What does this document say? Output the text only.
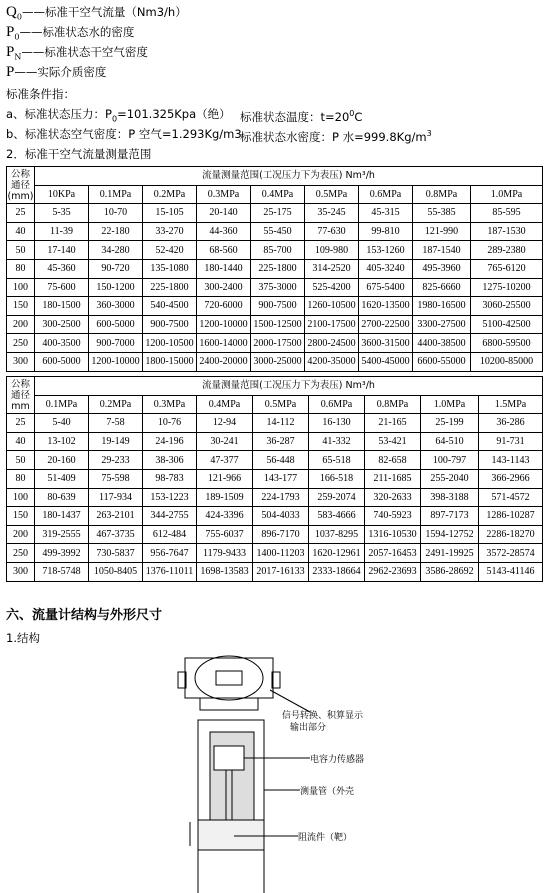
$Q_0——$标准干空气流量（Nm3/h）
$P_0——$标准状态水的密度
$P_N——$标准状态干空气密度
P——实际介质密度
标准条件指：
a、标准状态压力：$P_0=101.325Kpa$（绝） 标准状态温度：$t=20^0C$
b、标准状态空气密度：P 空气=1.293Kg/m3
标准状态水密度：P 水$=999.8Kg/m^3$
2．标准干空气流量测量范围
公称
通径
(mm)	流量测量范围(工况压力下为表压) Nm³/h								
	10KPa	0.1MPa	0.2MPa	0.3MPa	0.4MPa	0.5MPa	0.6MPa	0.8MPa	1.0MPa
25	5-35	10-70	15-105	20-140	25-175	35-245	45-315	55-385	85-595
40	11-39	22-180	33-270	44-360	55-450	77-630	99-810	121-990	187-1530
50	17-140	34-280	52-420	68-560	85-700	109-980	153-1260	187-1540	289-2380
80	45-360	90-720	135-1080	180-1440	225-1800	314-2520	405-3240	495-3960	765-6120
100	75-600	150-1200	225-1800	300-2400	375-3000	525-4200	675-5400	825-6660	1275-10200
150	180-1500	360-3000	540-4500	720-6000	900-7500	1260-10500	1620-13500	1980-16500	3060-25500
200	300-2500	600-5000	900-7500	1200-10000	1500-12500	2100-17500	2700-22500	3300-27500	5100-42500
250	400-3500	900-7000	1200-10500	1600-14000	2000-17500	2800-24500	3600-31500	4400-38500	6800-59500
300	600-5000	1200-10000	1800-15000	2400-20000	3000-25000	4200-35000	5400-45000	6600-55000	10200-85000
公称
通径
mm	流量测量范围(工况压力下为表压) Nm³/h								
	0.1MPa	0.2MPa	0.3MPa	0.4MPa	0.5MPa	0.6MPa	0.8MPa	1.0MPa	1.5MPa
25	5-40	7-58	10-76	12-94	14-112	16-130	21-165	25-199	36-286
40	13-102	19-149	24-196	30-241	36-287	41-332	53-421	64-510	91-731
50	20-160	29-233	38-306	47-377	56-448	65-518	82-658	100-797	143-1143
80	51-409	75-598	98-783	121-966	143-177	166-518	211-1685	255-2040	366-2966
100	80-639	117-934	153-1223	189-1509	224-1793	259-2074	320-2633	398-3188	571-4572
150	180-1437	263-2101	344-2755	424-3396	504-4033	583-4666	740-5923	897-7173	1286-10287
200	319-2555	467-3735	612-484	755-6037	896-7170	1037-8295	1316-10530	1594-12752	2286-18270
250	499-3992	730-5837	956-7647	1179-9433	1400-11203	1620-12961	2057-16453	2491-19925	3572-28574
300	718-5748	1050-8405	1376-11011	1698-13583	2017-16133	2333-18664	2962-23693	3586-28692	5143-41146
六、流量计结构与外形尺寸
1.结构
信号转换、积算显示
输出部分
电容力传感器
测量管（外壳
阻流件（靶）
